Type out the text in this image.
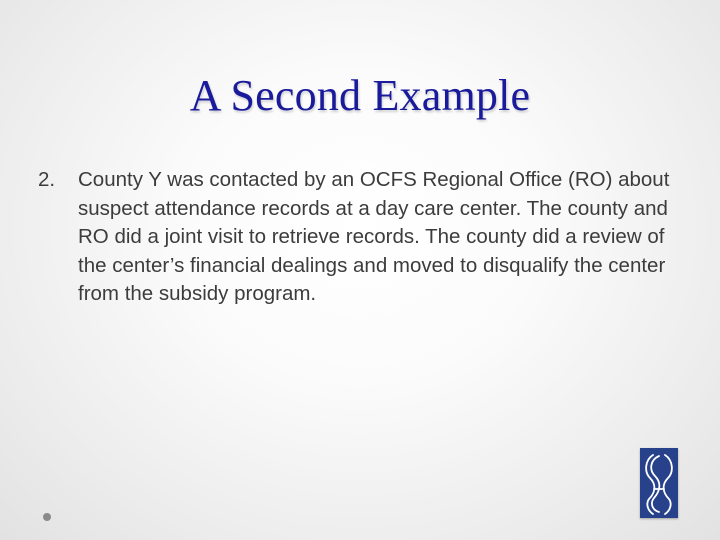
A Second Example
2. County Y was contacted by an OCFS Regional Office (RO) about suspect attendance records at a day care center. The county and RO did a joint visit to retrieve records. The county did a review of the center’s financial dealings and moved to disqualify the center from the subsidy program.
